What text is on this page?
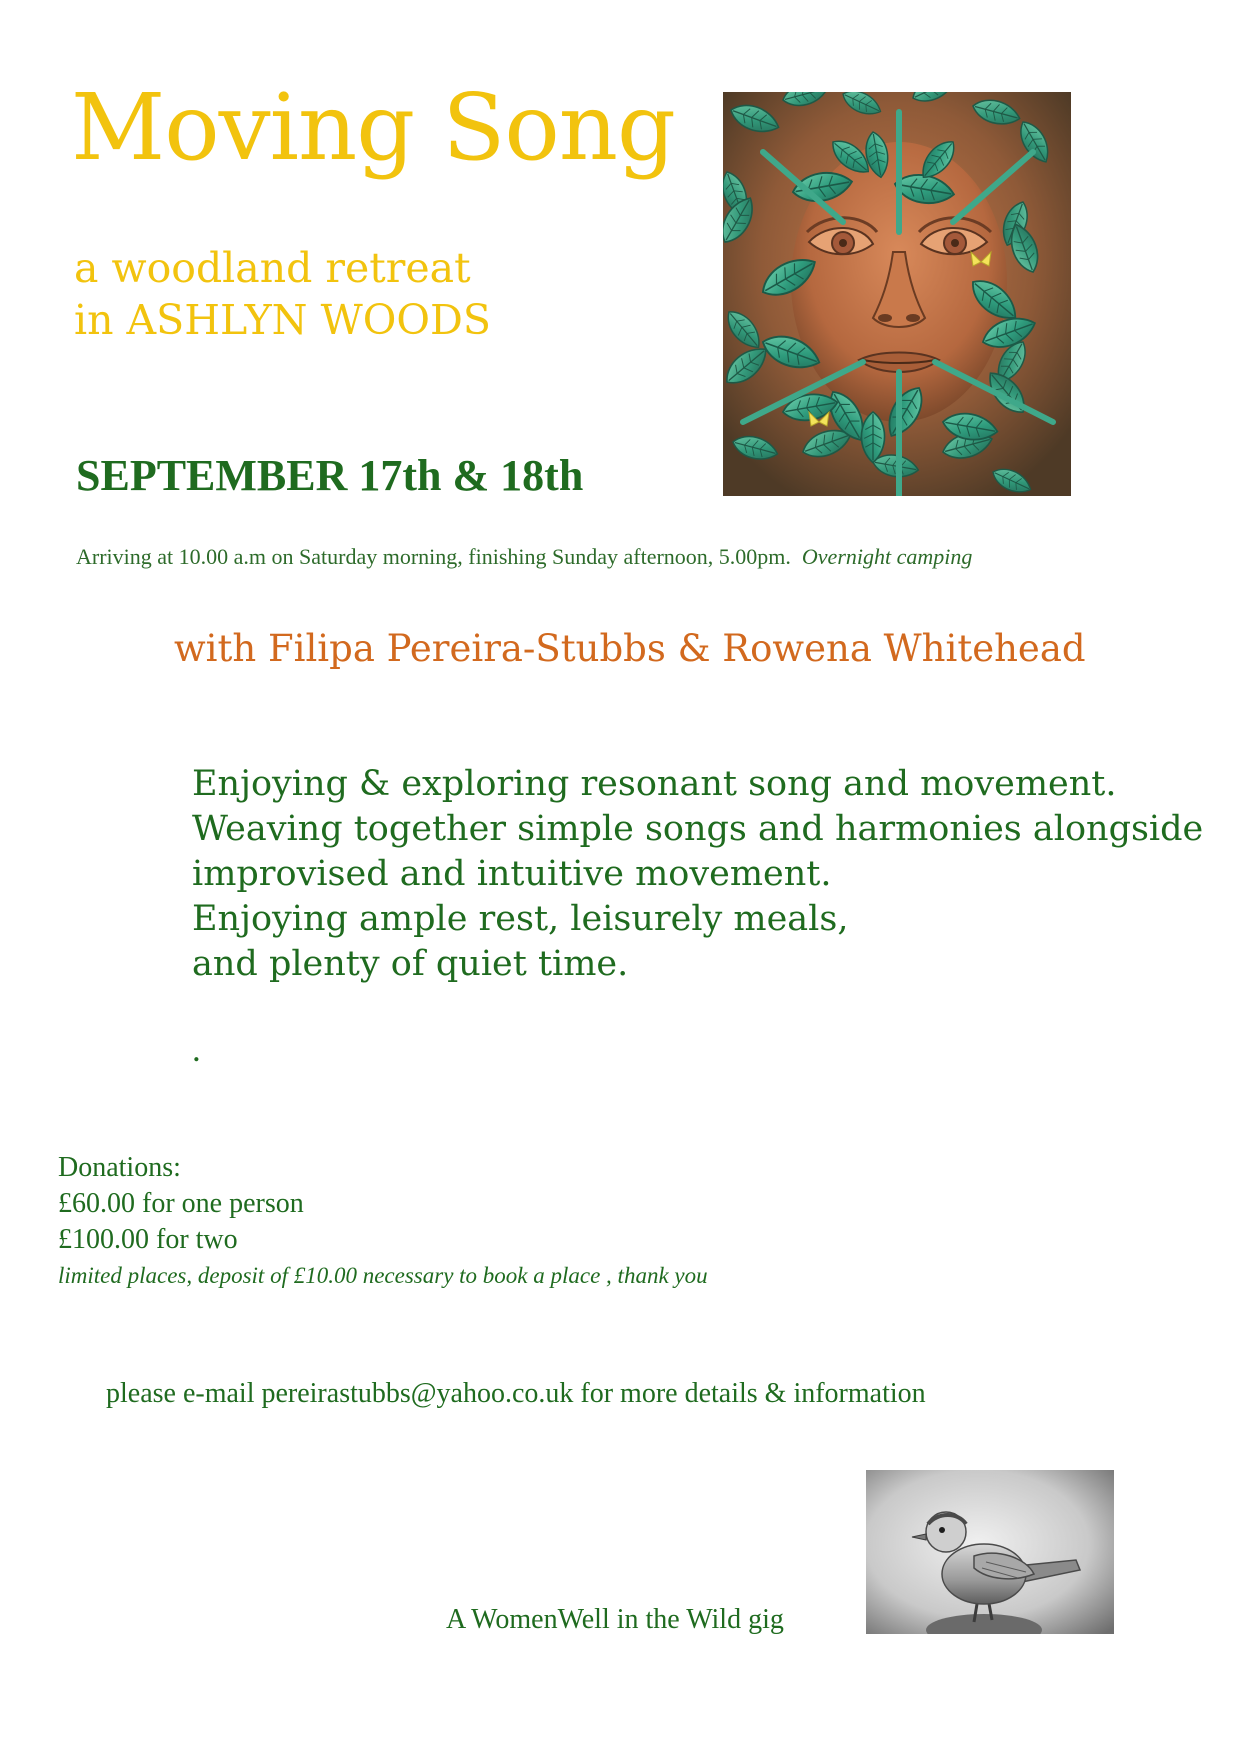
Moving Song
a woodland retreat
in ASHLYN WOODS
SEPTEMBER 17th & 18th
Arriving at 10.00 a.m on Saturday morning, finishing Sunday afternoon, 5.00pm. Overnight camping
with Filipa Pereira-Stubbs & Rowena Whitehead
Enjoying & exploring resonant song and movement.
Weaving together simple songs and harmonies alongside
improvised and intuitive movement.
Enjoying ample rest, leisurely meals,
and plenty of quiet time.
.
Donations:
£60.00 for one person
£100.00 for two
limited places, deposit of £10.00 necessary to book a place , thank you
please e-mail pereirastubbs@yahoo.co.uk for more details & information
A WomenWell in the Wild gig
